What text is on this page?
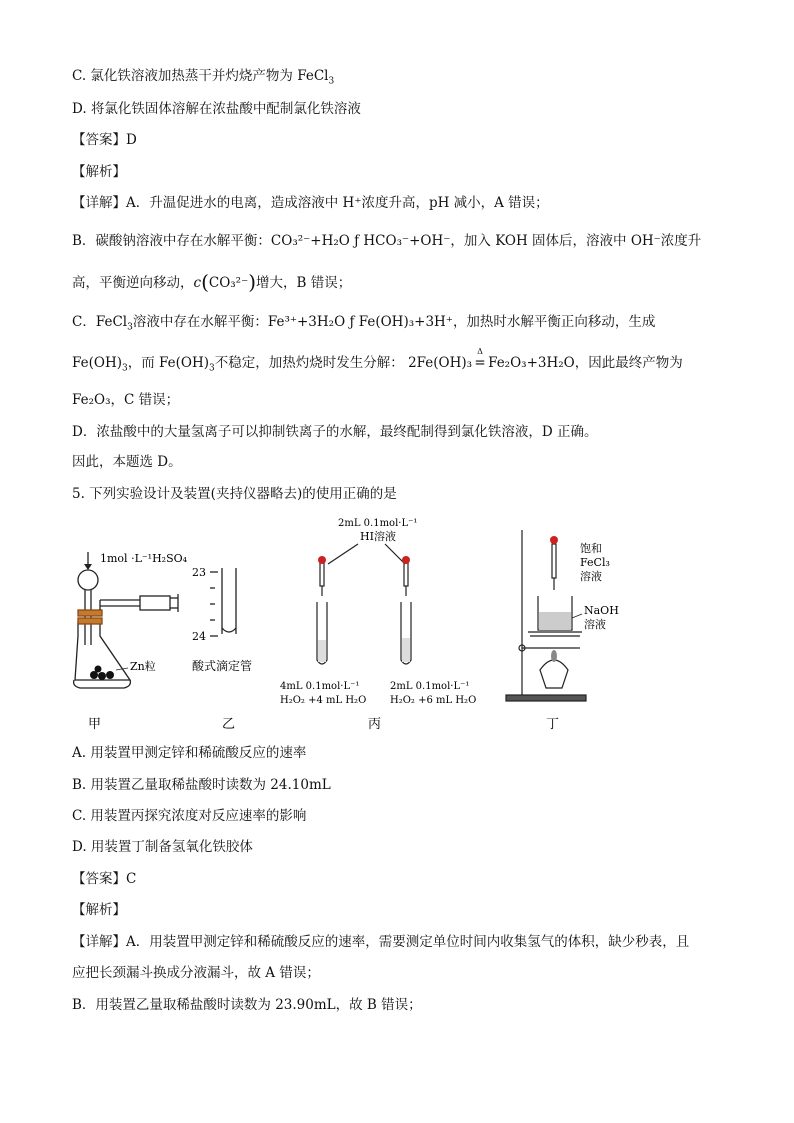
C. 氯化铁溶液加热蒸干并灼烧产物为 FeCl$_3$
D. 将氯化铁固体溶解在浓盐酸中配制氯化铁溶液
【答案】D
【解析】
【详解】A．升温促进水的电离，造成溶液中 H⁺浓度升高，pH 减小，A 错误；
B．碳酸钠溶液中存在水解平衡：CO₃²⁻+H₂O ƒ HCO₃⁻+OH⁻，加入 KOH 固体后，溶液中 OH⁻浓度升
高，平衡逆向移动，c(CO₃²⁻)增大，B 错误；
C．FeCl$_3$溶液中存在水解平衡：Fe³⁺+3H₂O ƒ Fe(OH)₃+3H⁺，加热时水解平衡正向移动，生成
$Fe(OH)_3$，而 $Fe(OH)_3$不稳定，加热灼烧时发生分解： 2Fe(OH)₃
Δ
= Fe₂O₃+3H₂O，因此最终产物为
Fe₂O₃，C 错误；
D．浓盐酸中的大量氢离子可以抑制铁离子的水解，最终配制得到氯化铁溶液，D 正确。
因此，本题选 D。
5. 下列实验设计及装置(夹持仪器略去)的使用正确的是
1mol ·L⁻¹H₂SO₄
Zn粒
23
24
酸式滴定管
2mL 0.1mol·L⁻¹
HI溶液
4mL 0.1mol·L⁻¹
H₂O₂ +4 mL H₂O
2mL 0.1mol·L⁻¹
H₂O₂ +6 mL H₂O
饱和
FeCl₃
溶液
NaOH
溶液
甲	乙	丙	丁
A. 用装置甲测定锌和稀硫酸反应的速率
B. 用装置乙量取稀盐酸时读数为 24.10mL
C. 用装置丙探究浓度对反应速率的影响
D. 用装置丁制备氢氧化铁胶体
【答案】C
【解析】
【详解】A．用装置甲测定锌和稀硫酸反应的速率，需要测定单位时间内收集氢气的体积，缺少秒表，且
应把长颈漏斗换成分液漏斗，故 A 错误；
B．用装置乙量取稀盐酸时读数为 23.90mL，故 B 错误；
